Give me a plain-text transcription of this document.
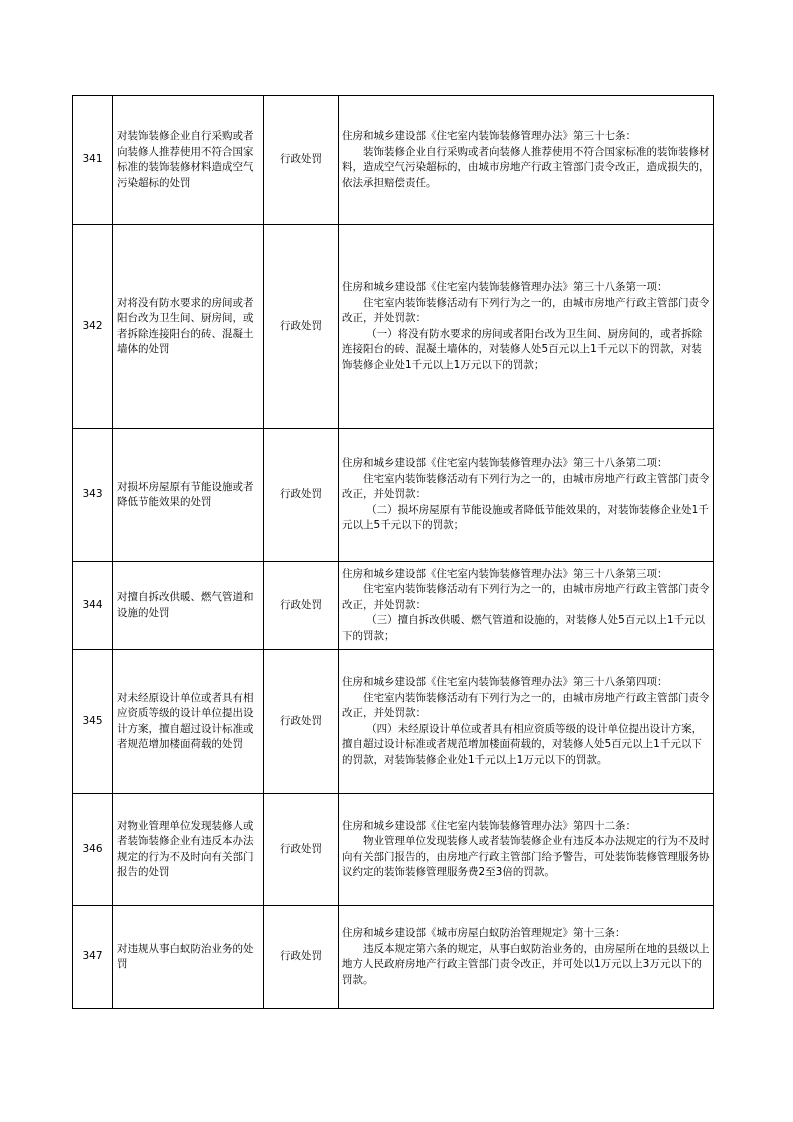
341	对装饰装修企业自行采购或者向装修人推荐使用不符合国家标准的装饰装修材料造成空气污染超标的处罚	行政处罚	住房和城乡建设部《住宅室内装饰装修管理办法》第三十七条：
装饰装修企业自行采购或者向装修人推荐使用不符合国家标准的装饰装修材料，造成空气污染超标的，由城市房地产行政主管部门责令改正，造成损失的，依法承担赔偿责任。

342	对将没有防水要求的房间或者阳台改为卫生间、厨房间，或者拆除连接阳台的砖、混凝土墙体的处罚	行政处罚	住房和城乡建设部《住宅室内装饰装修管理办法》第三十八条第一项：
住宅室内装饰装修活动有下列行为之一的，由城市房地产行政主管部门责令改正，并处罚款：
（一）将没有防水要求的房间或者阳台改为卫生间、厨房间的，或者拆除连接阳台的砖、混凝土墙体的，对装修人处5百元以上1千元以下的罚款，对装饰装修企业处1千元以上1万元以下的罚款；

343	对损坏房屋原有节能设施或者降低节能效果的处罚	行政处罚	住房和城乡建设部《住宅室内装饰装修管理办法》第三十八条第二项：
住宅室内装饰装修活动有下列行为之一的，由城市房地产行政主管部门责令改正，并处罚款：
（二）损坏房屋原有节能设施或者降低节能效果的，对装饰装修企业处1千元以上5千元以下的罚款；

344	对擅自拆改供暖、燃气管道和设施的处罚	行政处罚	住房和城乡建设部《住宅室内装饰装修管理办法》第三十八条第三项：
住宅室内装饰装修活动有下列行为之一的，由城市房地产行政主管部门责令改正，并处罚款：
（三）擅自拆改供暖、燃气管道和设施的，对装修人处5百元以上1千元以下的罚款；

345	对未经原设计单位或者具有相应资质等级的设计单位提出设计方案，擅自超过设计标准或者规范增加楼面荷载的处罚	行政处罚	住房和城乡建设部《住宅室内装饰装修管理办法》第三十八条第四项：
住宅室内装饰装修活动有下列行为之一的，由城市房地产行政主管部门责令改正，并处罚款：
（四）未经原设计单位或者具有相应资质等级的设计单位提出设计方案，擅自超过设计标准或者规范增加楼面荷载的，对装修人处5百元以上1千元以下的罚款，对装饰装修企业处1千元以上1万元以下的罚款。

346	对物业管理单位发现装修人或者装饰装修企业有违反本办法规定的行为不及时向有关部门报告的处罚	行政处罚	住房和城乡建设部《住宅室内装饰装修管理办法》第四十二条：
物业管理单位发现装修人或者装饰装修企业有违反本办法规定的行为不及时向有关部门报告的，由房地产行政主管部门给予警告，可处装饰装修管理服务协议约定的装饰装修管理服务费2至3倍的罚款。

347	对违规从事白蚁防治业务的处罚	行政处罚	住房和城乡建设部《城市房屋白蚁防治管理规定》第十三条：
违反本规定第六条的规定，从事白蚁防治业务的，由房屋所在地的县级以上地方人民政府房地产行政主管部门责令改正，并可处以1万元以上3万元以下的罚款。
